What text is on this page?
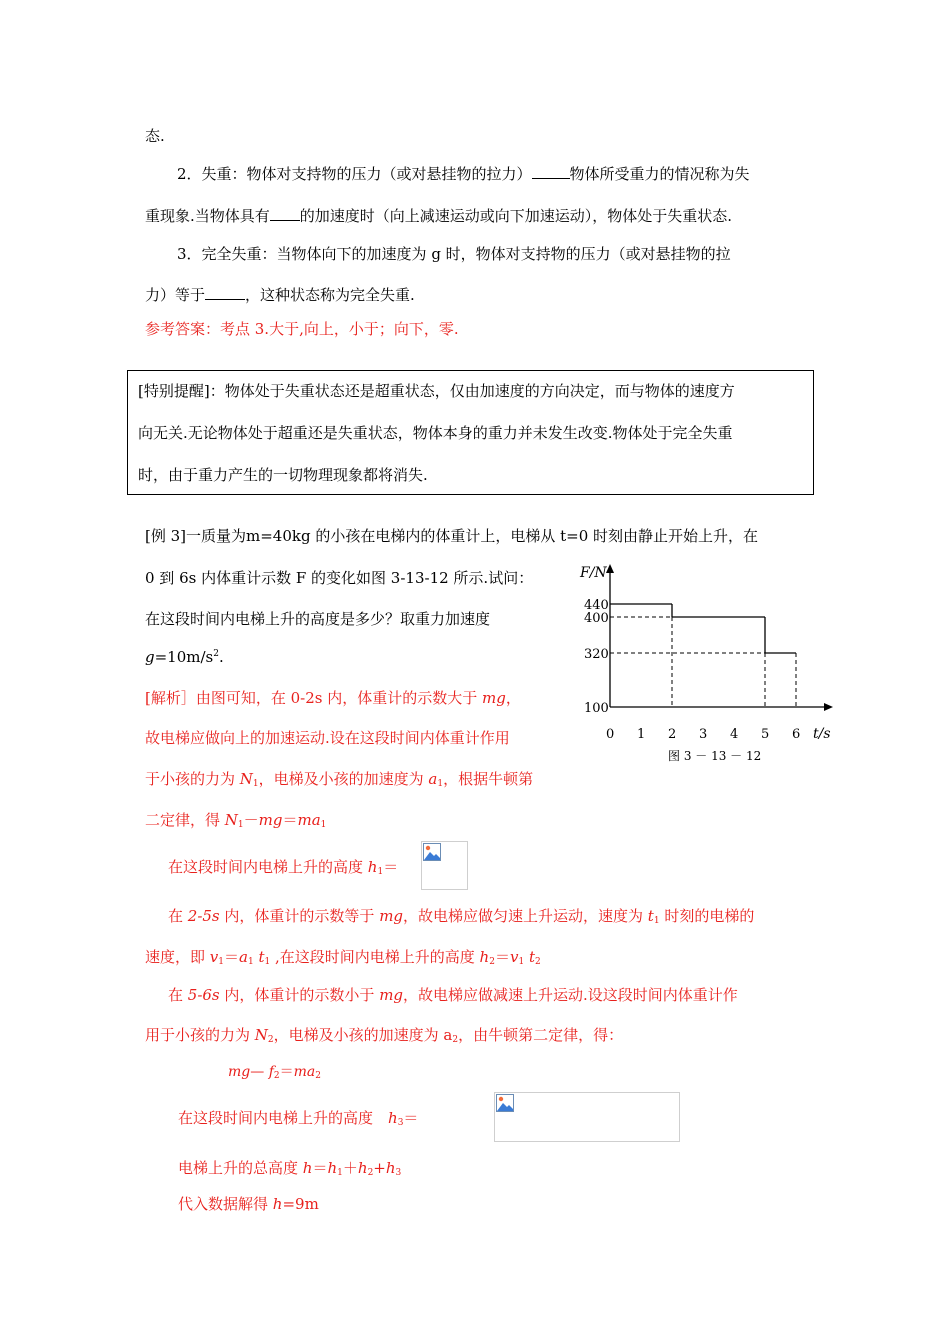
态.
2．失重：物体对支持物的压力（或对悬挂物的拉力）	物体所受重力的情况称为失
重现象.当物体具有 的加速度时（向上减速运动或向下加速运动），物体处于失重状态.
3．完全失重：当物体向下的加速度为 g 时，物体对支持物的压力（或对悬挂物的拉
力）等于	，这种状态称为完全失重.
参考答案：考点 3.大于,向上，小于；向下，零.
[特别提醒]：物体处于失重状态还是超重状态，仅由加速度的方向决定，而与物体的速度方
向无关.无论物体处于超重还是失重状态，物体本身的重力并未发生改变.物体处于完全失重
时，由于重力产生的一切物理现象都将消失.
[例 3]一质量为m=40kg 的小孩在电梯内的体重计上，电梯从 t=0 时刻由静止开始上升，在
0 到 6s 内体重计示数 F 的变化如图 3-13-12 所示.试问：
在这段时间内电梯上升的高度是多少？取重力加速度
$g=10m/s^2$.
[解析］由图可知，在 0-2s 内，体重计的示数大于 mg，
故电梯应做向上的加速运动.设在这段时间内体重计作用
于小孩的力为 $N_1$，电梯及小孩的加速度为 $a_1$，根据牛顿第
二定律，得 $N_1-mg=ma_1$
在这段时间内电梯上升的高度 $h_1=$

在 2-5s 内，体重计的示数等于 mg，故电梯应做匀速上升运动，速度为 $t_1$ 时刻的电梯的
速度，即 $v_1=a_1$ $t_1$ ,在这段时间内电梯上升的高度 $h_2=v_1$ $t_2$
在 5-6s 内，体重计的示数小于 mg，故电梯应做减速上升运动.设这段时间内体重计作
用于小孩的力为 $N_2$，电梯及小孩的加速度为 $a_2$，由牛顿第二定律，得：
mg— $f_2=ma_2$
在这段时间内电梯上升的高度　$h_3=$
电梯上升的总高度 $h=h_1+h_2+h_3$
代入数据解得 h=9m
100
320
400
440
0 1 2 3 4 5 6
F/N
t/s
图 3 － 13 － 12
